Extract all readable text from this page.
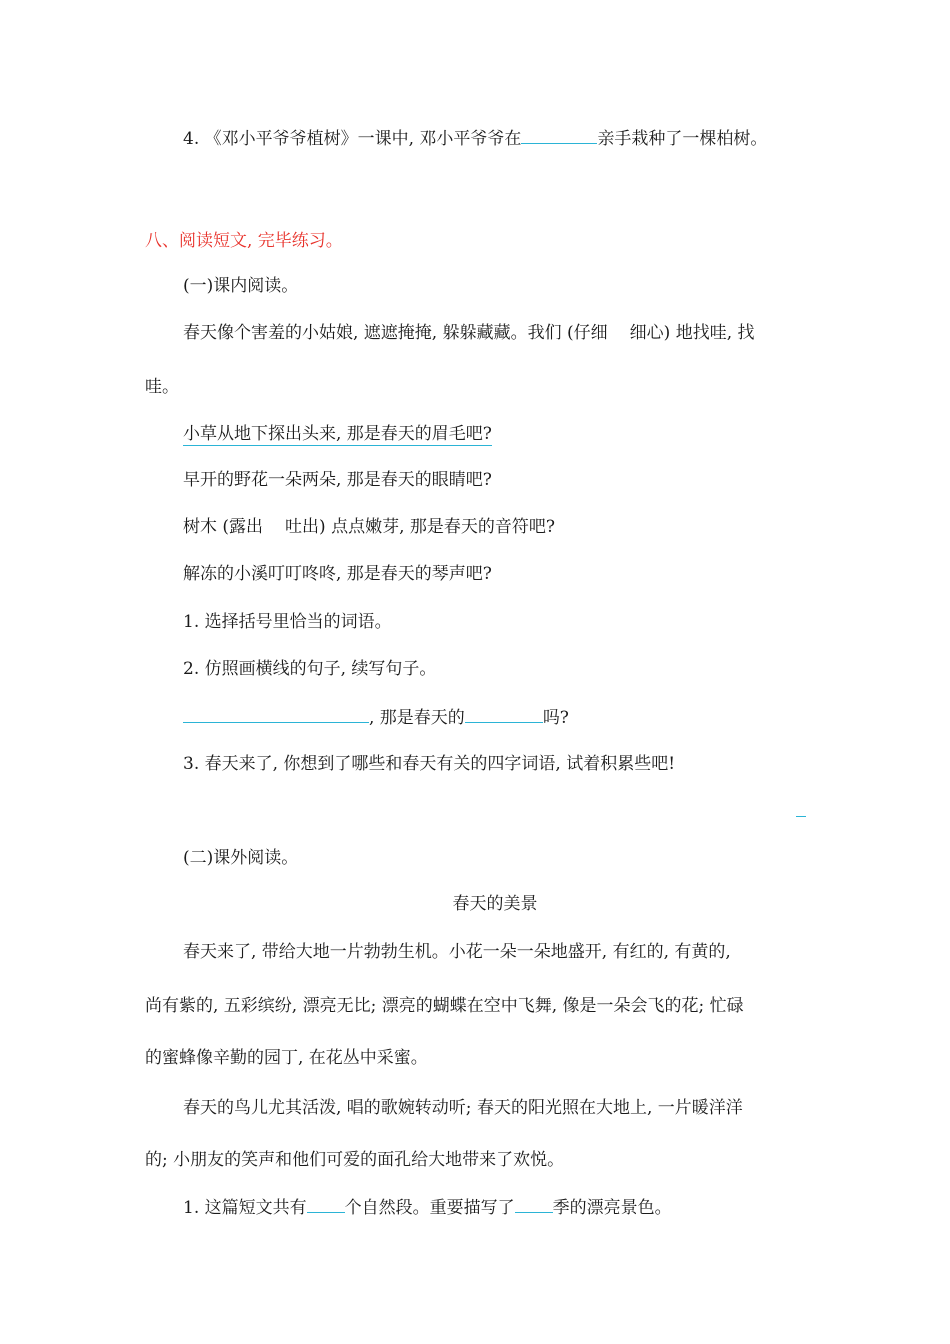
4. 《邓小平爷爷植树》一课中, 邓小平爷爷在	亲手栽种了一棵柏树。
八、阅读短文, 完毕练习。
(一)课内阅读。
春天像个害羞的小姑娘, 遮遮掩掩, 躲躲藏藏。我们 (仔细 细心) 地找哇, 找
哇。
小草从地下探出头来, 那是春天的眉毛吧?
早开的野花一朵两朵, 那是春天的眼睛吧?
树木 (露出 吐出) 点点嫩芽, 那是春天的音符吧?
解冻的小溪叮叮咚咚, 那是春天的琴声吧?
1. 选择括号里恰当的词语。
2. 仿照画横线的句子, 续写句子。
, 那是春天的	吗?
3. 春天来了, 你想到了哪些和春天有关的四字词语, 试着积累些吧!
(二)课外阅读。
春天的美景
春天来了, 带给大地一片勃勃生机。小花一朵一朵地盛开, 有红的, 有黄的,
尚有紫的, 五彩缤纷, 漂亮无比; 漂亮的蝴蝶在空中飞舞, 像是一朵会飞的花; 忙碌
的蜜蜂像辛勤的园丁, 在花丛中采蜜。
春天的鸟儿尤其活泼, 唱的歌婉转动听; 春天的阳光照在大地上, 一片暖洋洋
的; 小朋友的笑声和他们可爱的面孔给大地带来了欢悦。
1. 这篇短文共有 个自然段。重要描写了 季的漂亮景色。
